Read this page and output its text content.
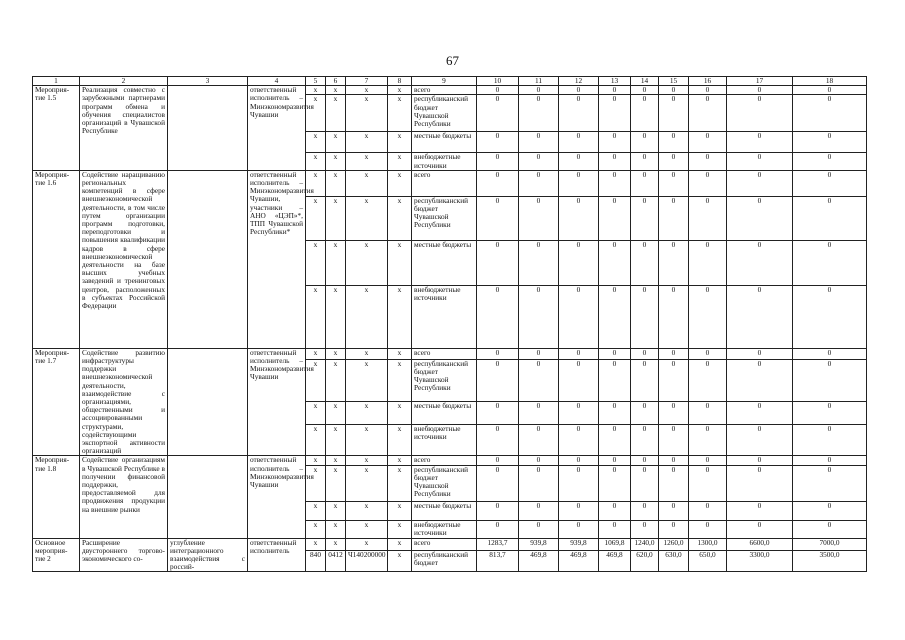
67
1	2	3	4	5	6	7	8	9	10	11	12	13	14	15	16	17	18
Мероприя-тие 1.5	Реализация совместно с зарубежными партнерами программ обмена и обучения специалистов организаций в Чувашской Республике		ответственный исполнитель – Минэкономразвития Чувашии	x	x	x	x	всего	0	0	0	0	0	0	0	0	0
				x	x	x	x	республиканский бюджет Чувашской Республики	0	0	0	0	0	0	0	0	0
				x	x	x	x	местные бюджеты	0	0	0	0	0	0	0	0	0
				x	x	x	x	внебюджетные источники	0	0	0	0	0	0	0	0	0
Мероприя-тие 1.6	Содействие наращиванию региональных компетенций в сфере внешнеэкономической деятельности, в том числе путем организации программ подготовки, переподготовки и повышения квалификации кадров в сфере внешнеэкономической деятельности на базе высших учебных заведений и тренинговых центров, расположенных в субъектах Российской Федерации		ответственный исполнитель – Минэкономразвития Чувашии, участники – АНО «ЦЭП»*, ТПП Чувашской Республики*	x	x	x	x	всего	0	0	0	0	0	0	0	0	0
				x	x	x	x	республиканский бюджет Чувашской Республики	0	0	0	0	0	0	0	0	0
				x	x	x	x	местные бюджеты	0	0	0	0	0	0	0	0	0
				x	x	x	x	внебюджетные источники	0	0	0	0	0	0	0	0	0
Мероприя-тие 1.7	Содействие развитию инфраструктуры поддержки внешнеэкономической деятельности, взаимодействие с организациями, общественными и ассоциированными структурами, содействующими экспортной активности организаций		ответственный исполнитель – Минэкономразвития Чувашии	x	x	x	x	всего	0	0	0	0	0	0	0	0	0
				x	x	x	x	республиканский бюджет Чувашской Республики	0	0	0	0	0	0	0	0	0
				x	x	x	x	местные бюджеты	0	0	0	0	0	0	0	0	0
				x	x	x	x	внебюджетные источники	0	0	0	0	0	0	0	0	0
Мероприя-тие 1.8	Содействие организациям в Чувашской Республике в получении финансовой поддержки, предоставляемой для продвижения продукции на внешние рынки		ответственный исполнитель – Минэкономразвития Чувашии	x	x	x	x	всего	0	0	0	0	0	0	0	0	0
				x	x	x	x	республиканский бюджет Чувашской Республики	0	0	0	0	0	0	0	0	0
				x	x	x	x	местные бюджеты	0	0	0	0	0	0	0	0	0
				x	x	x	x	внебюджетные источники	0	0	0	0	0	0	0	0	0
Основное мероприя-тие 2	Расширение двустороннего торгово-экономического со-	углубление интеграционного взаимодействия с россий-	ответственный исполнитель	x	x	x	x	всего	1283,7	939,8	939,8	1069,8	1240,0	1260,0	1300,0	6600,0	7000,0
				840	0412	Ч140200000	x	республиканский бюджет	813,7	469,8	469,8	469,8	620,0	630,0	650,0	3300,0	3500,0
